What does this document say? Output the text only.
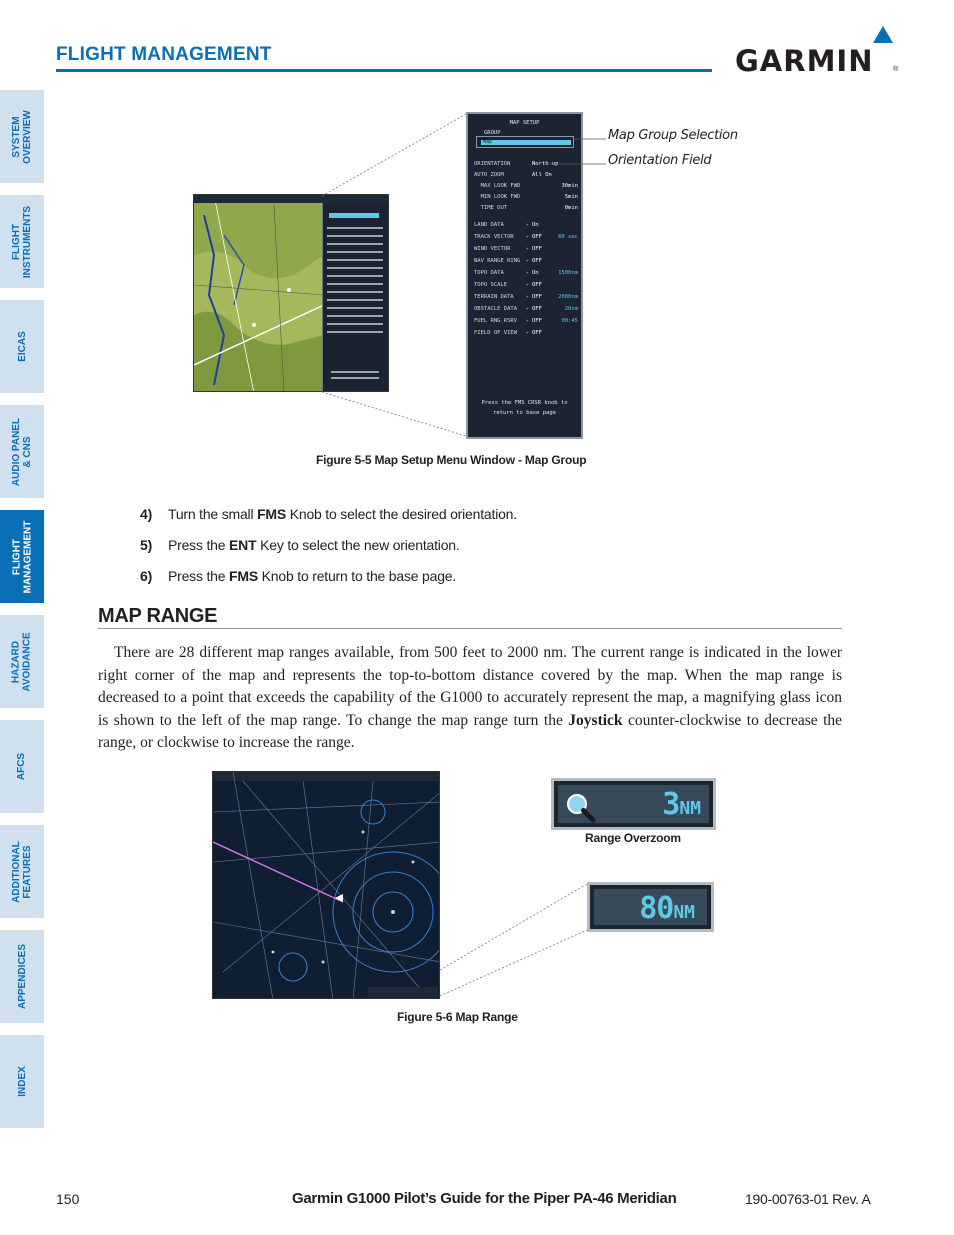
FLIGHT MANAGEMENT	GARMIN	®
SYSTEM
OVERVIEW
FLIGHT
INSTRUMENTS
EICAS
AUDIO PANEL
& CNS
FLIGHT
MANAGEMENT
HAZARD
AVOIDANCE
AFCS
ADDITIONAL
FEATURES
APPENDICES
INDEX
MAP SETUP
GROUP
Map
ORIENTATION	North up
AUTO ZOOM	All On
MAX LOOK FWD	30min
MIN LOOK FWD	5min
TIME OUT	0min
LAND DATA	▸ On
TRACK VECTOR ▸ OFF	60 sec
WIND VECTOR	▸ OFF
NAV RANGE RING ▸ OFF
TOPO DATA	▸ On	1500nm
TOPO SCALE	▸ OFF
TERRAIN DATA ▸ OFF	2000nm
OBSTACLE DATA ▸ OFF	20nm
FUEL RNG RSRV ▸ OFF	00:45
FIELD OF VIEW ▸ OFF
Press the FMS CRSR knob to
return to base page
Map Group Selection
Orientation Field
Figure 5-5 Map Setup Menu Window - Map Group
4) Turn the small FMS Knob to select the desired orientation.
5) Press the ENT Key to select the new orientation.
6) Press the FMS Knob to return to the base page.
MAP RANGE
There are 28 different map ranges available, from 500 feet to 2000 nm. The current range is indicated in the lower right corner of the map and represents the top-to-bottom distance covered by the map. When the map range is decreased to a point that exceeds the capability of the G1000 to accurately represent the map, a magnifying glass icon is shown to the left of the map range. To change the map range turn the Joystick counter-clockwise to decrease the range, or clockwise to increase the range.
3NM
Range Overzoom
80NM
Figure 5-6 Map Range
150	Garmin G1000 Pilot’s Guide for the Piper PA-46 Meridian	190-00763-01 Rev. A
